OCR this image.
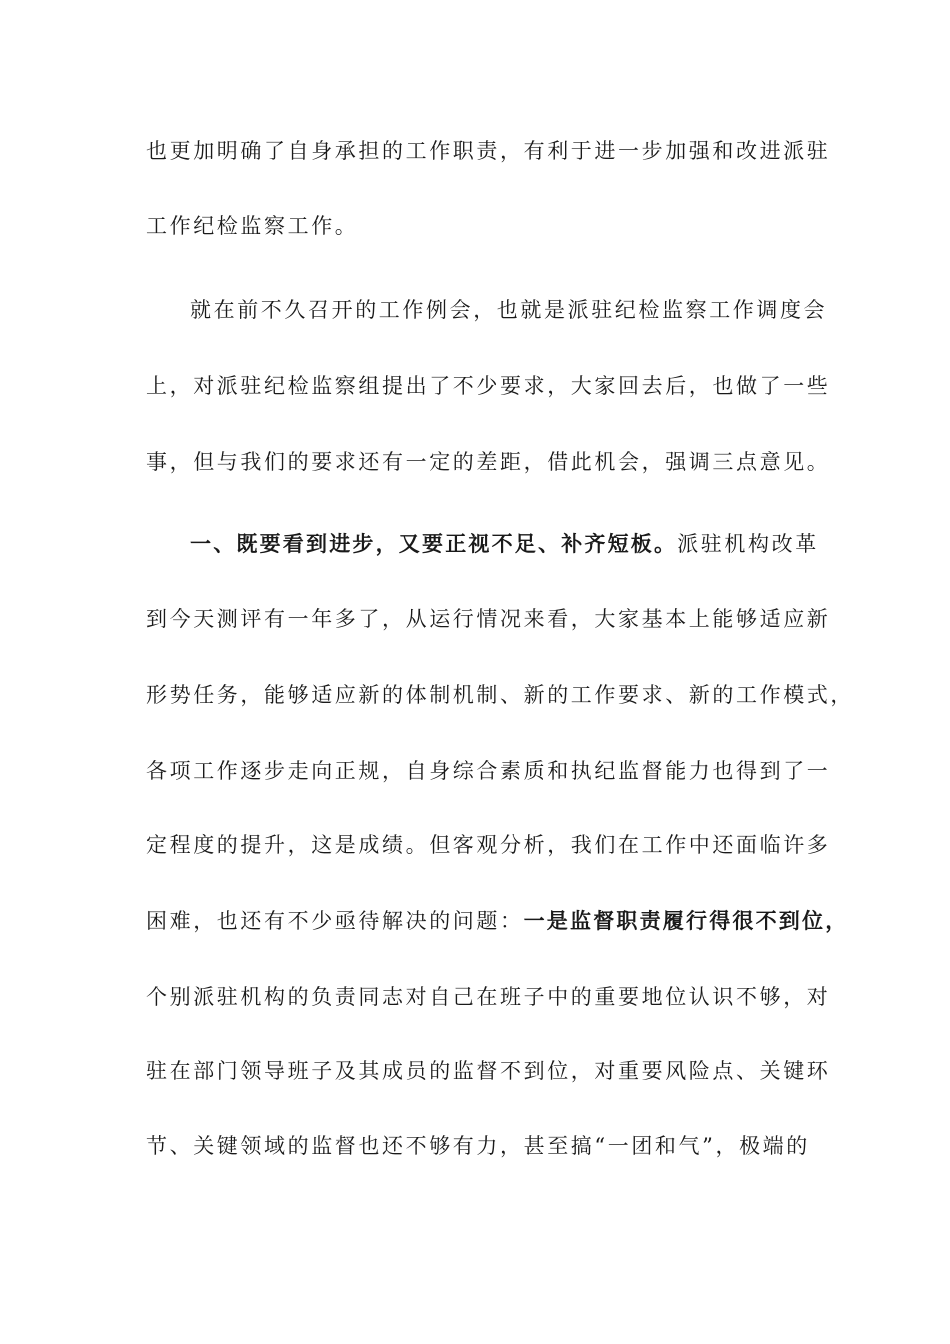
也更加明确了自身承担的工作职责，有利于进一步加强和改进派驻
工作纪检监察工作。
就在前不久召开的工作例会，也就是派驻纪检监察工作调度会
上，对派驻纪检监察组提出了不少要求，大家回去后，也做了一些
事，但与我们的要求还有一定的差距，借此机会，强调三点意见。
一、既要看到进步，又要正视不足、补齐短板。派驻机构改革
到今天测评有一年多了，从运行情况来看，大家基本上能够适应新
形势任务，能够适应新的体制机制、新的工作要求、新的工作模式，
各项工作逐步走向正规，自身综合素质和执纪监督能力也得到了一
定程度的提升，这是成绩。但客观分析，我们在工作中还面临许多
困难，也还有不少亟待解决的问题：一是监督职责履行得很不到位，
个别派驻机构的负责同志对自己在班子中的重要地位认识不够，对
驻在部门领导班子及其成员的监督不到位，对重要风险点、关键环
节、关键领域的监督也还不够有力，甚至搞“一团和气”，极端的
